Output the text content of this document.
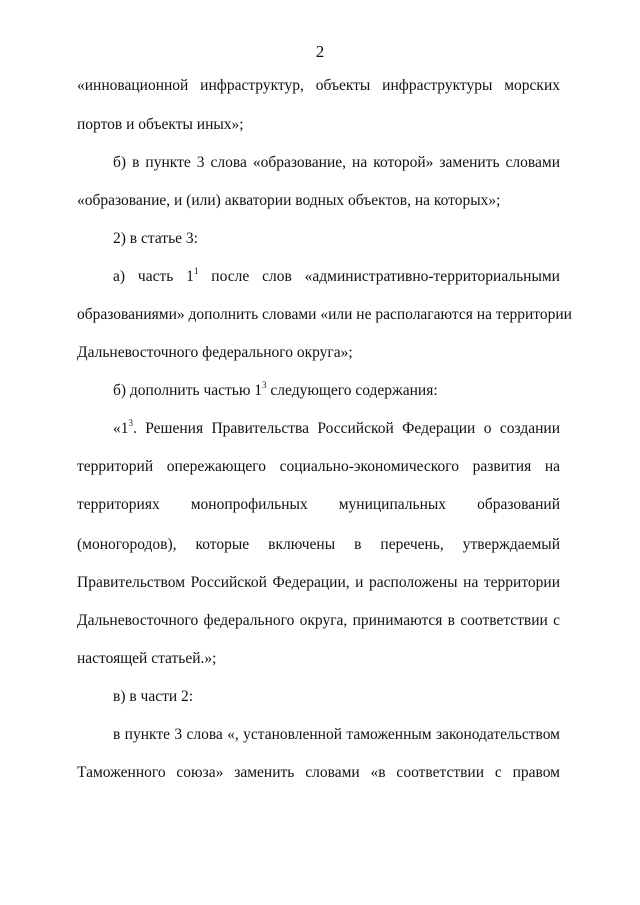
2
«инновационной инфраструктур, объекты инфраструктуры морских
портов и объекты иных»;
б) в пункте 3 слова «образование, на которой» заменить словами
«образование, и (или) акватории водных объектов, на которых»;
2) в статье 3:
а) часть $1^1$ после слов «административно-территориальными
образованиями» дополнить словами «или не располагаются на территории
Дальневосточного федерального округа»;
б) дополнить частью $1^3$ следующего содержания:
«$1^3$. Решения Правительства Российской Федерации о создании
территорий опережающего социально-экономического развития на
территориях монопрофильных муниципальных образований
(моногородов), которые включены в перечень, утверждаемый
Правительством Российской Федерации, и расположены на территории
Дальневосточного федерального округа, принимаются в соответствии с
настоящей статьей.»;
в) в части 2:
в пункте 3 слова «, установленной таможенным законодательством
Таможенного союза» заменить словами «в соответствии с правом
